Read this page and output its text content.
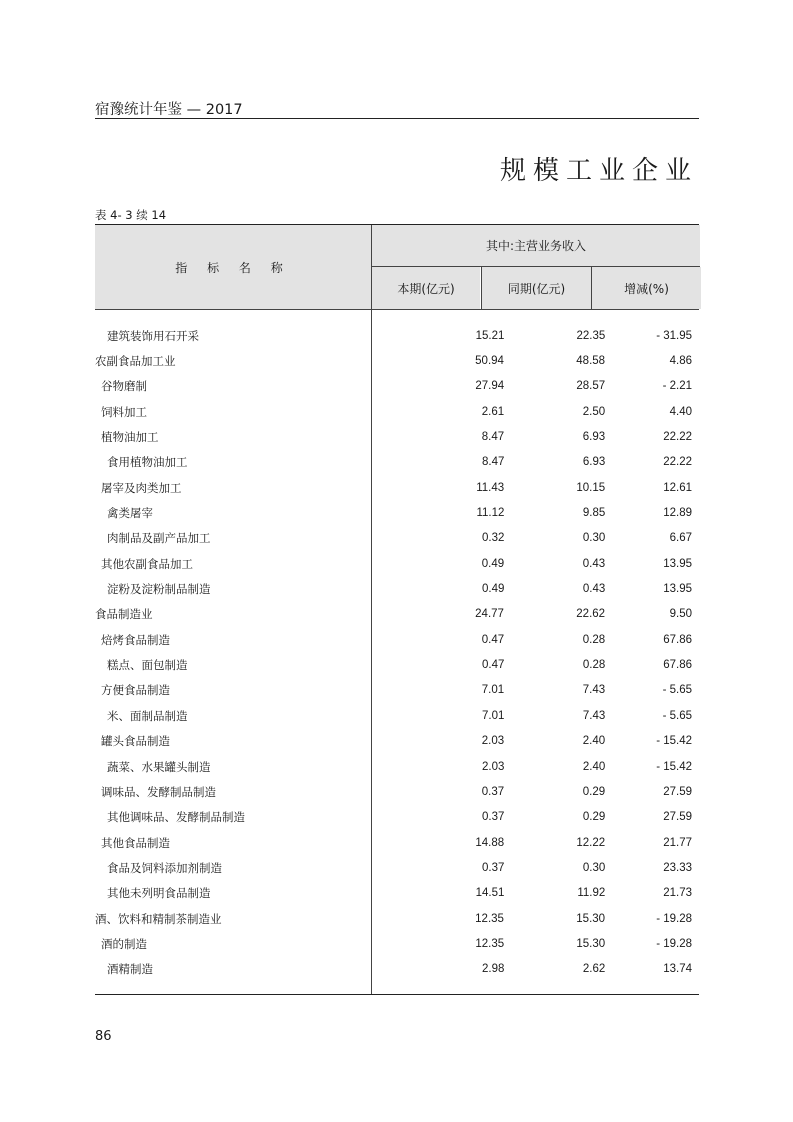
宿豫统计年鉴 — 2017
规模工业企业
表 4- 3 续 14
指 标 名 称
其中:主营业务收入
本期(亿元)	同期(亿元)	增减(%)
建筑装饰用石开采	15.21	22.35	- 31.95
农副食品加工业	50.94	48.58	4.86
谷物磨制	27.94	28.57	- 2.21
饲料加工	2.61	2.50	4.40
植物油加工	8.47	6.93	22.22
食用植物油加工	8.47	6.93	22.22
屠宰及肉类加工	11.43	10.15	12.61
禽类屠宰	11.12	9.85	12.89
肉制品及副产品加工	0.32	0.30	6.67
其他农副食品加工	0.49	0.43	13.95
淀粉及淀粉制品制造	0.49	0.43	13.95
食品制造业	24.77	22.62	9.50
焙烤食品制造	0.47	0.28	67.86
糕点、面包制造	0.47	0.28	67.86
方便食品制造	7.01	7.43	- 5.65
米、面制品制造	7.01	7.43	- 5.65
罐头食品制造	2.03	2.40	- 15.42
蔬菜、水果罐头制造	2.03	2.40	- 15.42
调味品、发酵制品制造	0.37	0.29	27.59
其他调味品、发酵制品制造	0.37	0.29	27.59
其他食品制造	14.88	12.22	21.77
食品及饲料添加剂制造	0.37	0.30	23.33
其他未列明食品制造	14.51	11.92	21.73
酒、饮料和精制茶制造业	12.35	15.30	- 19.28
酒的制造	12.35	15.30	- 19.28
酒精制造	2.98	2.62	13.74
86
